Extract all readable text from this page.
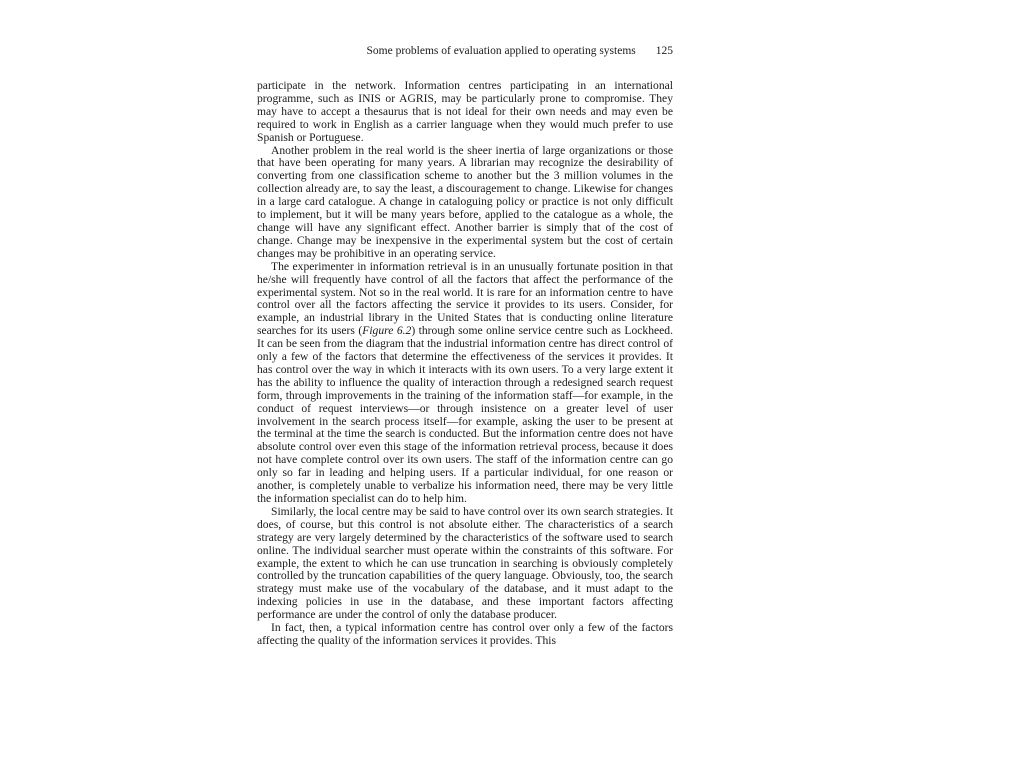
Some problems of evaluation applied to operating systems 125

participate in the network. Information centres participating in an international programme, such as INIS or AGRIS, may be particularly prone to compromise. They may have to accept a thesaurus that is not ideal for their own needs and may even be required to work in English as a carrier language when they would much prefer to use Spanish or Portuguese.

Another problem in the real world is the sheer inertia of large organizations or those that have been operating for many years. A librarian may recognize the desirability of converting from one classification scheme to another but the 3 million volumes in the collection already are, to say the least, a discouragement to change. Likewise for changes in a large card catalogue. A change in cataloguing policy or practice is not only difficult to implement, but it will be many years before, applied to the catalogue as a whole, the change will have any significant effect. Another barrier is simply that of the cost of change. Change may be inexpensive in the experimental system but the cost of certain changes may be prohibitive in an operating service.

The experimenter in information retrieval is in an unusually fortunate position in that he/she will frequently have control of all the factors that affect the performance of the experimental system. Not so in the real world. It is rare for an information centre to have control over all the factors affecting the service it provides to its users. Consider, for example, an industrial library in the United States that is conducting online literature searches for its users (Figure 6.2) through some online service centre such as Lockheed. It can be seen from the diagram that the industrial information centre has direct control of only a few of the factors that determine the effectiveness of the services it provides. It has control over the way in which it interacts with its own users. To a very large extent it has the ability to influence the quality of interaction through a redesigned search request form, through improvements in the training of the information staff—for example, in the conduct of request interviews—or through insistence on a greater level of user involvement in the search process itself—for example, asking the user to be present at the terminal at the time the search is conducted. But the information centre does not have absolute control over even this stage of the information retrieval process, because it does not have complete control over its own users. The staff of the information centre can go only so far in leading and helping users. If a particular individual, for one reason or another, is completely unable to verbalize his information need, there may be very little the information specialist can do to help him.

Similarly, the local centre may be said to have control over its own search strategies. It does, of course, but this control is not absolute either. The characteristics of a search strategy are very largely determined by the characteristics of the software used to search online. The individual searcher must operate within the constraints of this software. For example, the extent to which he can use truncation in searching is obviously completely controlled by the truncation capabilities of the query language. Obviously, too, the search strategy must make use of the vocabulary of the database, and it must adapt to the indexing policies in use in the database, and these important factors affecting performance are under the control of only the database producer.

In fact, then, a typical information centre has control over only a few of the factors affecting the quality of the information services it provides. This
